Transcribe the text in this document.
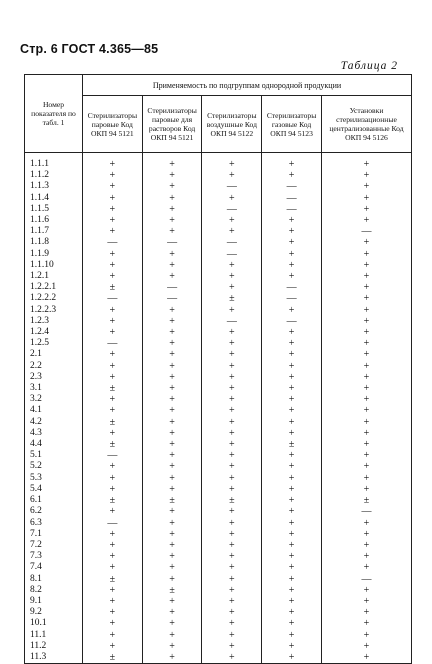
Стр. 6 ГОСТ 4.365—85
Таблица 2
Номер показателя по табл. 1	Применяемость по подгруппам однородной продукции				
	Стерилизаторы паровые Код ОКП 94 5121	Стерилизаторы паровые для растворов Код ОКП 94 5121	Стерилизаторы воздушные Код ОКП 94 5122	Стерилизаторы газовые Код ОКП 94 5123	Установки стерилизационные централизованные Код ОКП 94 5126
1.1.1	+	+	+	+	+
1.1.2	+	+	+	+	+
1.1.3	+	+	—	—	+
1.1.4	+	+	+	—	+
1.1.5	+	+	—	—	+
1.1.6	+	+	+	+	+
1.1.7	+	+	+	+	—
1.1.8	—	—	—	+	+
1.1.9	+	+	—	+	+
1.1.10	+	+	+	+	+
1.2.1	+	+	+	+	+
1.2.2.1	±	—	+	—	+
1.2.2.2	—	—	±	—	+
1.2.2.3	+	+	+	+	+
1.2.3	+	+	—	—	+
1.2.4	+	+	+	+	+
1.2.5	—	+	+	+	+
2.1	+	+	+	+	+
2.2	+	+	+	+	+
2.3	+	+	+	+	+
3.1	±	+	+	+	+
3.2	+	+	+	+	+
4.1	+	+	+	+	+
4.2	±	+	+	+	+
4.3	+	+	+	+	+
4.4	±	+	+	±	+
5.1	—	+	+	+	+
5.2	+	+	+	+	+
5.3	+	+	+	+	+
5.4	+	+	+	+	+
6.1	±	±	±	+	±
6.2	+	+	+	+	—
6.3	—	+	+	+	+
7.1	+	+	+	+	+
7.2	+	+	+	+	+
7.3	+	+	+	+	+
7.4	+	+	+	+	+
8.1	±	+	+	+	—
8.2	+	±	+	+	+
9.1	+	+	+	+	+
9.2	+	+	+	+	+
10.1	+	+	+	+	+
11.1	+	+	+	+	+
11.2	+	+	+	+	+
11.3	±	+	+	+	+
